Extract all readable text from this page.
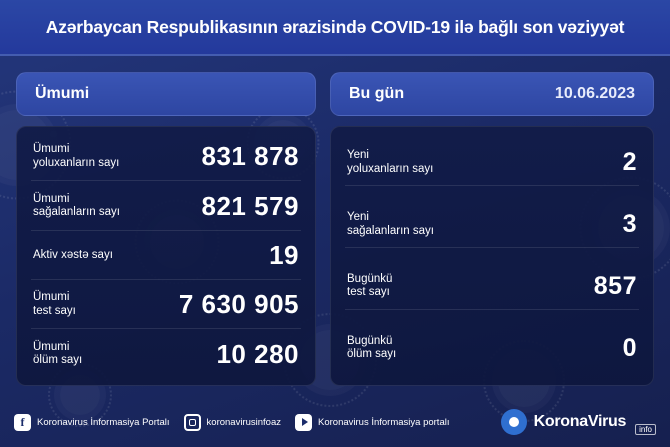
Azərbaycan Respublikasının ərazisində COVID-19 ilə bağlı son vəziyyət
Ümumi
Ümumi
yoluxanların sayı	831 878
Ümumi
sağalanların sayı	821 579
Aktiv xəstə sayı	19
Ümumi
test sayı	7 630 905
Ümumi
ölüm sayı	10 280
Bu gün	10.06.2023
Yeni
yoluxanların sayı	2
Yeni
sağalanların sayı	3
Bugünkü
test sayı	857
Bugünkü
ölüm sayı	0
f	Koronavirus İnformasiya Portalı	koronavirusinfoaz	Koronavirus İnformasiya portalı	KoronaVirus	info
